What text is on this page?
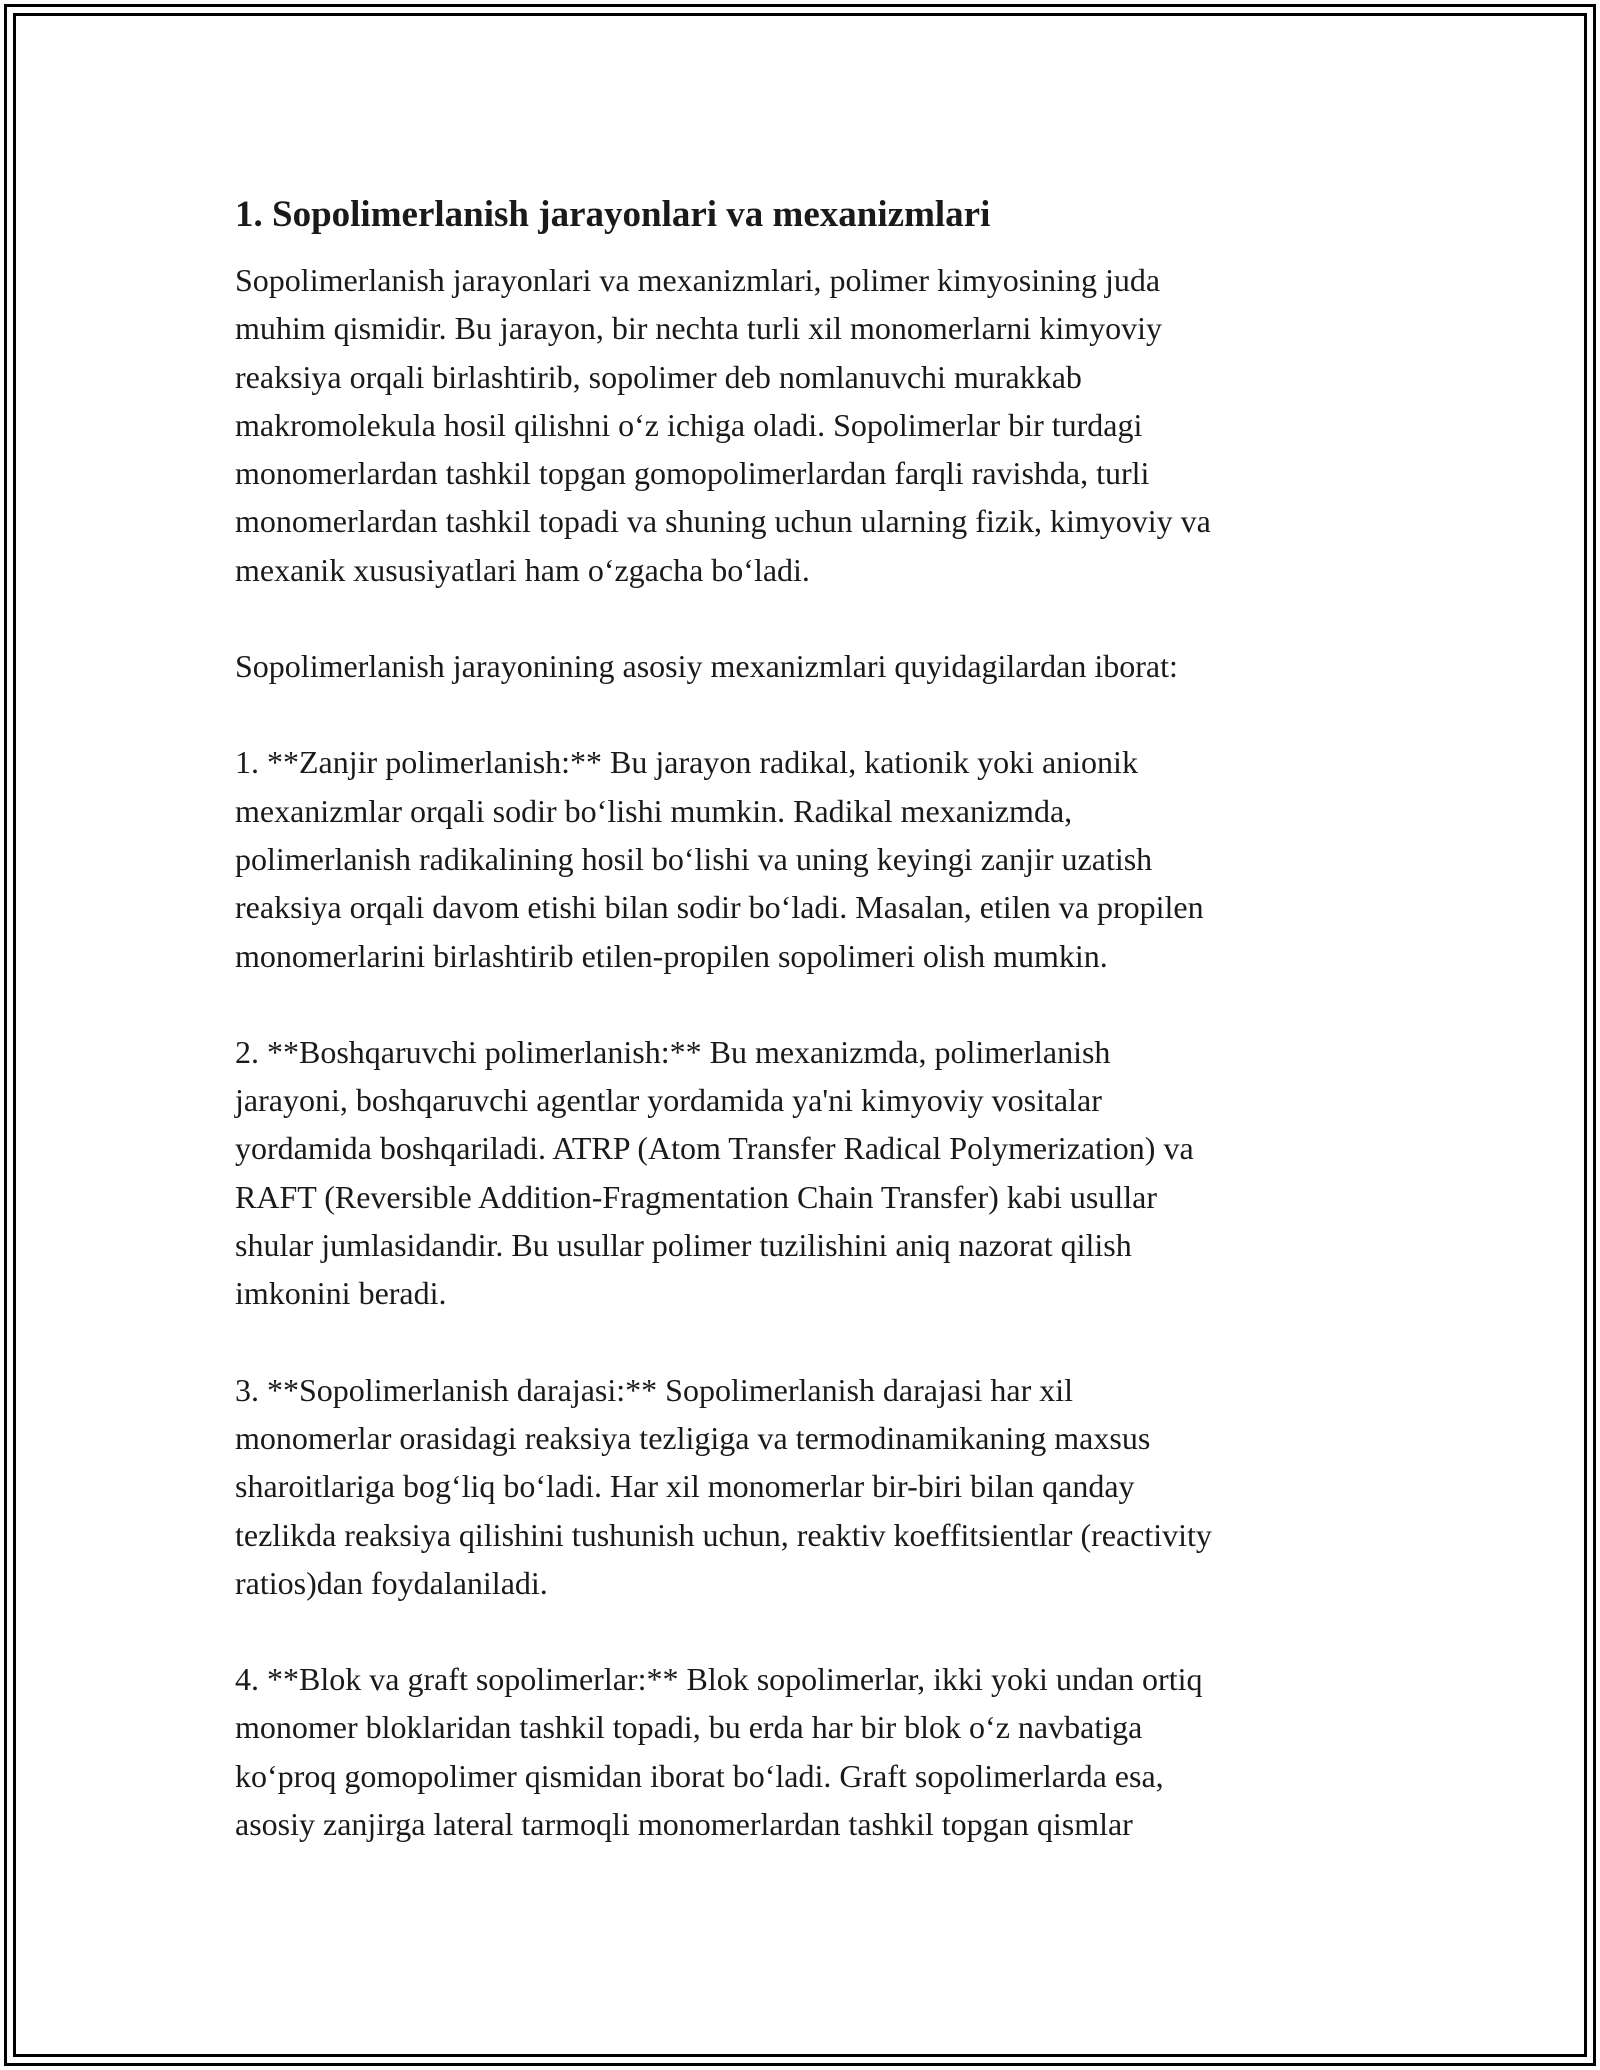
1. Sopolimerlanish jarayonlari va mexanizmlari

Sopolimerlanish jarayonlari va mexanizmlari, polimer kimyosining juda
muhim qismidir. Bu jarayon, bir nechta turli xil monomerlarni kimyoviy
reaksiya orqali birlashtirib, sopolimer deb nomlanuvchi murakkab
makromolekula hosil qilishni o‘z ichiga oladi. Sopolimerlar bir turdagi
monomerlardan tashkil topgan gomopolimerlardan farqli ravishda, turli
monomerlardan tashkil topadi va shuning uchun ularning fizik, kimyoviy va
mexanik xususiyatlari ham o‘zgacha bo‘ladi.

Sopolimerlanish jarayonining asosiy mexanizmlari quyidagilardan iborat:

1. **Zanjir polimerlanish:** Bu jarayon radikal, kationik yoki anionik
mexanizmlar orqali sodir bo‘lishi mumkin. Radikal mexanizmda,
polimerlanish radikalining hosil bo‘lishi va uning keyingi zanjir uzatish
reaksiya orqali davom etishi bilan sodir bo‘ladi. Masalan, etilen va propilen
monomerlarini birlashtirib etilen-propilen sopolimeri olish mumkin.

2. **Boshqaruvchi polimerlanish:** Bu mexanizmda, polimerlanish
jarayoni, boshqaruvchi agentlar yordamida ya'ni kimyoviy vositalar
yordamida boshqariladi. ATRP (Atom Transfer Radical Polymerization) va
RAFT (Reversible Addition-Fragmentation Chain Transfer) kabi usullar
shular jumlasidandir. Bu usullar polimer tuzilishini aniq nazorat qilish
imkonini beradi.

3. **Sopolimerlanish darajasi:** Sopolimerlanish darajasi har xil
monomerlar orasidagi reaksiya tezligiga va termodinamikaning maxsus
sharoitlariga bog‘liq bo‘ladi. Har xil monomerlar bir-biri bilan qanday
tezlikda reaksiya qilishini tushunish uchun, reaktiv koeffitsientlar (reactivity
ratios)dan foydalaniladi.

4. **Blok va graft sopolimerlar:** Blok sopolimerlar, ikki yoki undan ortiq
monomer bloklaridan tashkil topadi, bu erda har bir blok o‘z navbatiga
ko‘proq gomopolimer qismidan iborat bo‘ladi. Graft sopolimerlarda esa,
asosiy zanjirga lateral tarmoqli monomerlardan tashkil topgan qismlar
